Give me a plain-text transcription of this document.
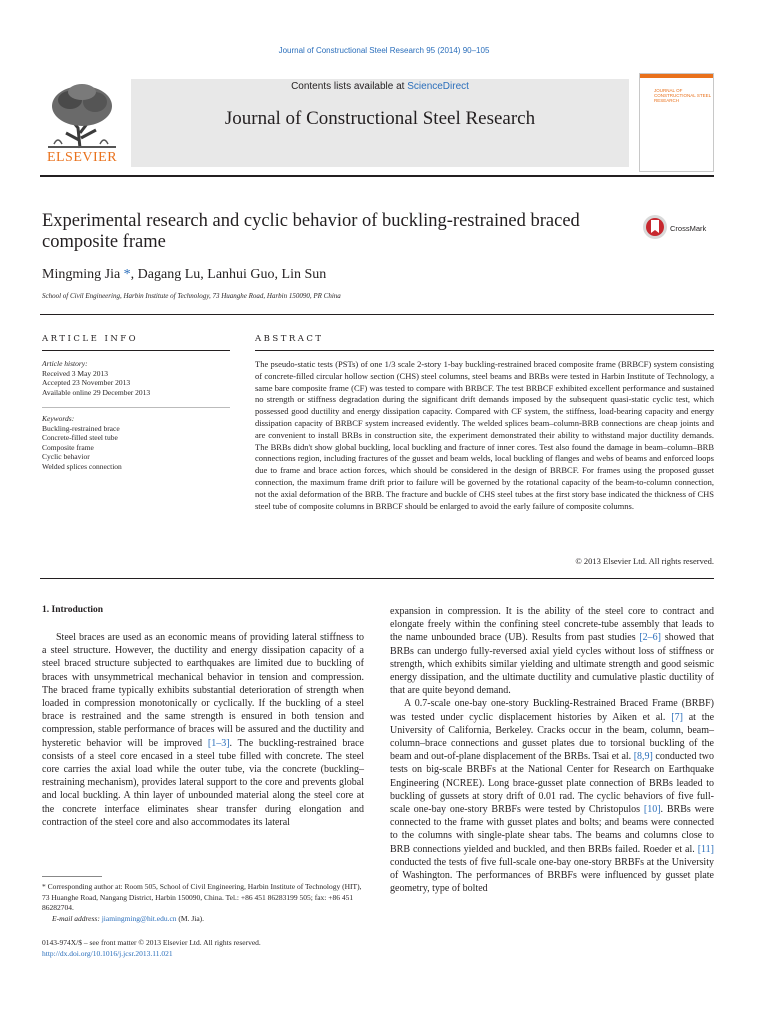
Journal of Constructional Steel Research 95 (2014) 90–105
Contents lists available at ScienceDirect
Journal of Constructional Steel Research
ELSEVIER
JOURNAL OF CONSTRUCTIONAL STEEL RESEARCH
Experimental research and cyclic behavior of buckling-restrained braced composite frame
CrossMark
Mingming Jia *, Dagang Lu, Lanhui Guo, Lin Sun
School of Civil Engineering, Harbin Institute of Technology, 73 Huanghe Road, Harbin 150090, PR China
ARTICLE INFO
Article history:
Received 3 May 2013
Accepted 23 November 2013
Available online 29 December 2013
Keywords:
Buckling-restrained brace
Concrete-filled steel tube
Composite frame
Cyclic behavior
Welded splices connection
ABSTRACT
The pseudo-static tests (PSTs) of one 1/3 scale 2-story 1-bay buckling-restrained braced composite frame (BRBCF) system consisting of concrete-filled circular hollow section (CHS) steel columns, steel beams and BRBs were tested in Harbin Institute of Technology, a same bare composite frame (CF) was tested to compare with BRBCF. The test BRBCF exhibited excellent performance and sustained no strength or stiffness degradation during the significant drift demands imposed by the subsequent quasi-static cyclic test, which possessed good ductility and energy dissipation capacity. Compared with CF system, the stiffness, load-bearing capacity and energy dissipation capacity of BRBCF system increased evidently. The welded splices beam–column-BRB connections are cheap joints and are convenient to install BRBs in construction site, the experiment demonstrated their ability to withstand major ductility demands. The BRBs didn't show global buckling, local buckling and fracture of inner cores. Test also found the damage in beam–column–BRB connections region, including fractures of the gusset and beam welds, local buckling of flanges and webs of beams and enforced loops due to frame and brace action forces, which should be considered in the design of BRBCF. For frames using the proposed gusset connection, the maximum frame drift prior to failure will be governed by the rotational capacity of the beam-to-column connection, not the axial deformation of the BRB. The fracture and buckle of CHS steel tubes at the first story base indicated the thickness of CHS steel tube of composite columns in BRBCF should be enlarged to avoid the early failure of composite columns.
© 2013 Elsevier Ltd. All rights reserved.
1. Introduction
Steel braces are used as an economic means of providing lateral stiffness to a steel structure. However, the ductility and energy dissipation capacity of a steel braced structure subjected to earthquakes are limited due to buckling of braces with unsymmetrical mechanical behavior in tension and compression. The braced frame typically exhibits substantial deterioration of strength when loaded in compression monotonically or cyclically. If the buckling of a steel brace is restrained and the same strength is ensured in both tension and compression, stable performance of braces will be assured and the ductility and hysteretic behavior will be improved [1–3]. The buckling-restrained brace consists of a steel core encased in a steel tube filled with concrete. The steel core carries the axial load while the outer tube, via the concrete (buckling–restraining mechanism), provides lateral support to the core and prevents global and local buckling. A thin layer of unbounded material along the steel core at the concrete interface eliminates shear transfer during elongation and contraction of the steel core and also accommodates its lateral

expansion in compression. It is the ability of the steel core to contract and elongate freely within the confining steel concrete-tube assembly that leads to the name unbounded brace (UB). Results from past studies [2–6] showed that BRBs can undergo fully-reversed axial yield cycles without loss of stiffness or strength, which exhibits similar yielding and ultimate strength and good seismic energy dissipation, and the ultimate ductility and cumulative plastic ductility of that are quite beyond demand.

A 0.7-scale one-bay one-story Buckling-Restrained Braced Frame (BRBF) was tested under cyclic displacement histories by Aiken et al. [7] at the University of California, Berkeley. Cracks occur in the beam, column, beam–column–brace connections and gusset plates due to torsional buckling of the beam and out-of-plane displacement of the BRBs. Tsai et al. [8,9] conducted two tests on big-scale BRBFs at the National Center for Research on Earthquake Engineering (NCREE). Long brace-gusset plate connection of BRBs leaded to buckling of gussets at story drift of 0.01 rad. The cyclic behaviors of five full-scale one-bay one-story BRBFs were tested by Christopulos [10]. BRBs were connected to the frame with gusset plates and bolts; and beams were connected to the columns with single-plate shear tabs. The beams and columns close to BRB connections yielded and buckled, and then BRBs failed. Roeder et al. [11] conducted the tests of five full-scale one-bay one-story BRBFs at the University of Washington. The performances of BRBFs were influenced by gusset plate geometry, type of bolted

* Corresponding author at: Room 505, School of Civil Engineering, Harbin Institute of Technology (HIT), 73 Huanghe Road, Nangang District, Harbin 150090, China. Tel.: +86 451 86283199 505; fax: +86 451 86282704.
E-mail address: jiamingming@hit.edu.cn (M. Jia).
0143-974X/$ – see front matter © 2013 Elsevier Ltd. All rights reserved.
http://dx.doi.org/10.1016/j.jcsr.2013.11.021
